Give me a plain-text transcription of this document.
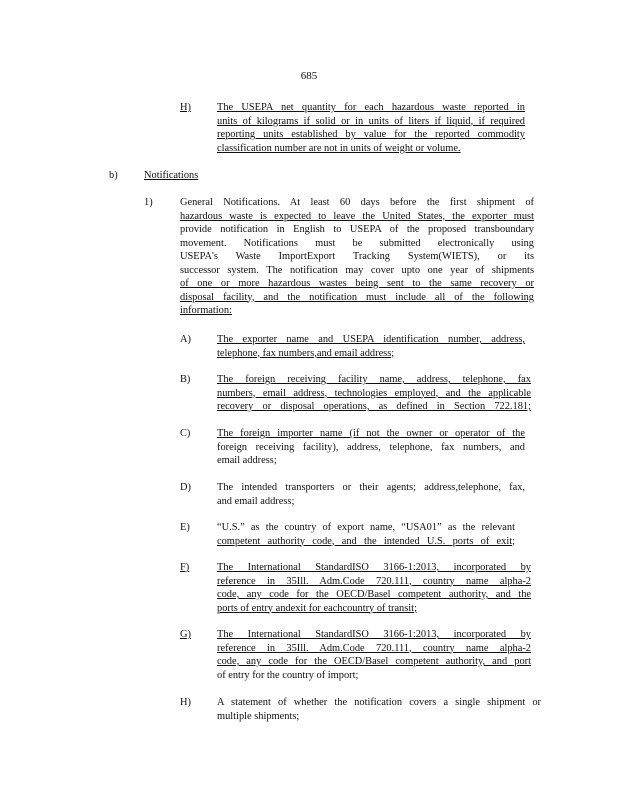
685
H)	The USEPA net quantity for each hazardous waste reported in
units of kilograms if solid or in units of liters if liquid, if required
reporting units established by value for the reported commodity
classification number are not in units of weight or volume.
b)	Notifications
1)	General Notifications. At least 60 days before the first shipment of
hazardous waste is expected to leave the United States, the exporter must
provide notification in English to USEPA of the proposed transboundary
movement. Notifications must be submitted electronically using
USEPA's Waste ImportExport Tracking System(WIETS), or its
successor system. The notification may cover upto one year of shipments
of one or more hazardous wastes being sent to the same recovery or
disposal facility, and the notification must include all of the following
information:
A)	The exporter name and USEPA identification number, address,
telephone, fax numbers,and email address;
B)	The foreign receiving facility name, address, telephone, fax
numbers, email address, technologies employed, and the applicable
recovery or disposal operations, as defined in Section 722.181;
C)	The foreign importer name (if not the owner or operator of the
foreign receiving facility), address, telephone, fax numbers, and
email address;
D)	The intended transporters or their agents; address,telephone, fax,
and email address;
E)	“U.S.” as the country of export name, “USA01” as the relevant
competent authority code, and the intended U.S. ports of exit;
F)	The International StandardISO 3166-1:2013, incorporated by
reference in 35Ill. Adm.Code 720.111, country name alpha-2
code, any code for the OECD/Basel competent authority, and the
ports of entry andexit for eachcountry of transit;
G)	The International StandardISO 3166-1:2013, incorporated by
reference in 35Ill. Adm.Code 720.111, country name alpha-2
code, any code for the OECD/Basel competent authority, and port
of entry for the country of import;
H)	A statement of whether the notification covers a single shipment or
multiple shipments;
